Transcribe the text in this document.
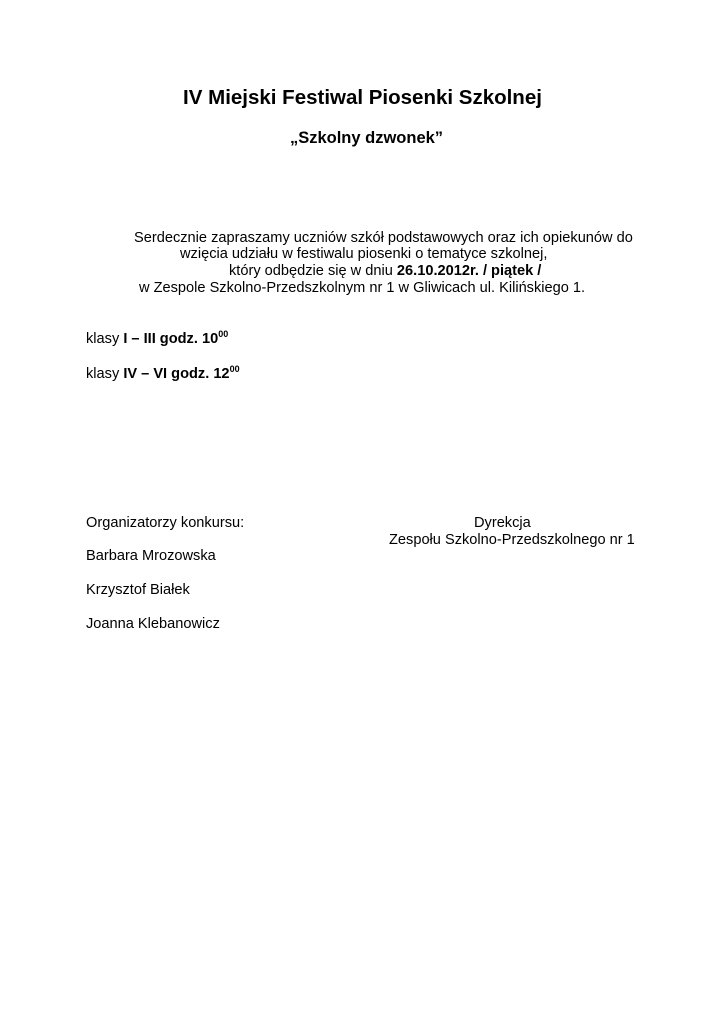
IV Miejski Festiwal Piosenki Szkolnej
„Szkolny dzwonek”
Serdecznie zapraszamy uczniów szkół podstawowych oraz ich opiekunów do
wzięcia udziału w festiwalu piosenki o tematyce szkolnej,
który odbędzie się w dniu 26.10.2012r. / piątek /
w Zespole Szkolno-Przedszkolnym nr 1 w Gliwicach ul. Kilińskiego 1.
klasy I – III godz. $10^{00}$
klasy IV – VI godz. $12^{00}$
Organizatorzy konkursu:
Barbara Mrozowska
Krzysztof Białek
Joanna Klebanowicz
Dyrekcja
Zespołu Szkolno-Przedszkolnego nr 1
